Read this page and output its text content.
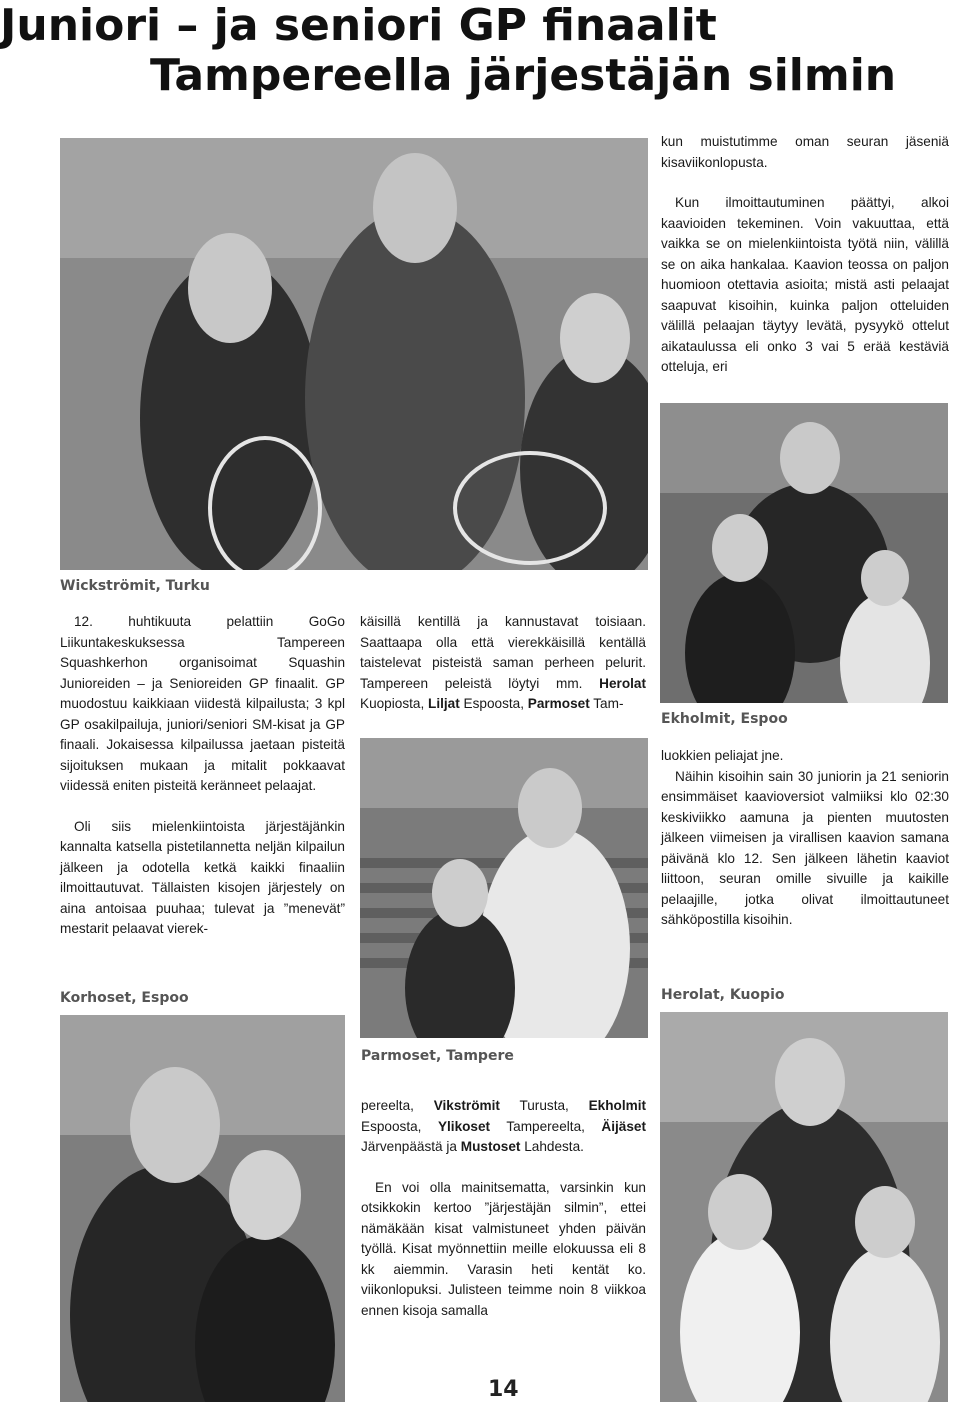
Juniori – ja seniori GP finaalit
Tampereella järjestäjän silmin

kun muistutimme oman seuran jäseniä kisaviikonlopusta.

Kun ilmoittautuminen päättyi, alkoi kaavioiden tekeminen. Voin vakuuttaa, että vaikka se on mielenkiintoista työtä niin, välillä se on aika hankalaa. Kaavion teossa on paljon huomioon otettavia asioita; mistä asti pelaajat saapuvat kisoihin, kuinka paljon otteluiden välillä pelaajan täytyy levätä, pysyykö ottelut aikataulussa eli onko 3 vai 5 erää kestäviä otteluja, eri

Wickströmit, Turku

12. huhtikuuta pelattiin GoGo Liikuntakeskuksessa Tampereen Squashkerhon organisoimat Squashin Junioreiden – ja Senioreiden GP finaalit. GP muodostuu kaikkiaan viidestä kilpailusta; 3 kpl GP osakilpailuja, juniori/seniori SM-kisat ja GP finaali. Jokaisessa kilpailussa jaetaan pisteitä sijoituksen mukaan ja mitalit pokkaavat viidessä eniten pisteitä keränneet pelaajat.

Oli siis mielenkiintoista järjestäjänkin kannalta katsella pistetilannetta neljän kilpailun jälkeen ja odotella ketkä kaikki finaaliin ilmoittautuvat. Tällaisten kisojen järjestely on aina antoisaa puuhaa; tulevat ja ”menevät” mestarit pelaavat vierek-

käisillä kentillä ja kannustavat toisiaan. Saattaapa olla että vierekkäisillä kentällä taistelevat pisteistä saman perheen pelurit. Tampereen peleistä löytyi mm. Herolat Kuopiosta, Liljat Espoosta, Parmoset Tam-

Ekholmit, Espoo

luokkien peliajat jne.

Näihin kisoihin sain 30 juniorin ja 21 seniorin ensimmäiset kaavioversiot valmiiksi klo 02:30 keskiviikko aamuna ja pienten muutosten jälkeen viimeisen ja virallisen kaavion samana päivänä klo 12. Sen jälkeen lähetin kaaviot liittoon, seuran omille sivuille ja kaikille pelaajille, jotka olivat ilmoittautuneet sähköpostilla kisoihin.

Korhoset, Espoo	Herolat, Kuopio
Parmoset, Tampere

pereelta, Vikströmit Turusta, Ekholmit Espoosta, Ylikoset Tampereelta, Äijäset Järvenpäästä ja Mustoset Lahdesta.

En voi olla mainitsematta, varsinkin kun otsikkokin kertoo ”järjestäjän silmin”, ettei nämäkään kisat valmistuneet yhden päivän työllä. Kisat myönnettiin meille elokuussa eli 8 kk aiemmin. Varasin heti kentät ko. viikonlopuksi. Julisteen teimme noin 8 viikkoa ennen kisoja samalla

14
